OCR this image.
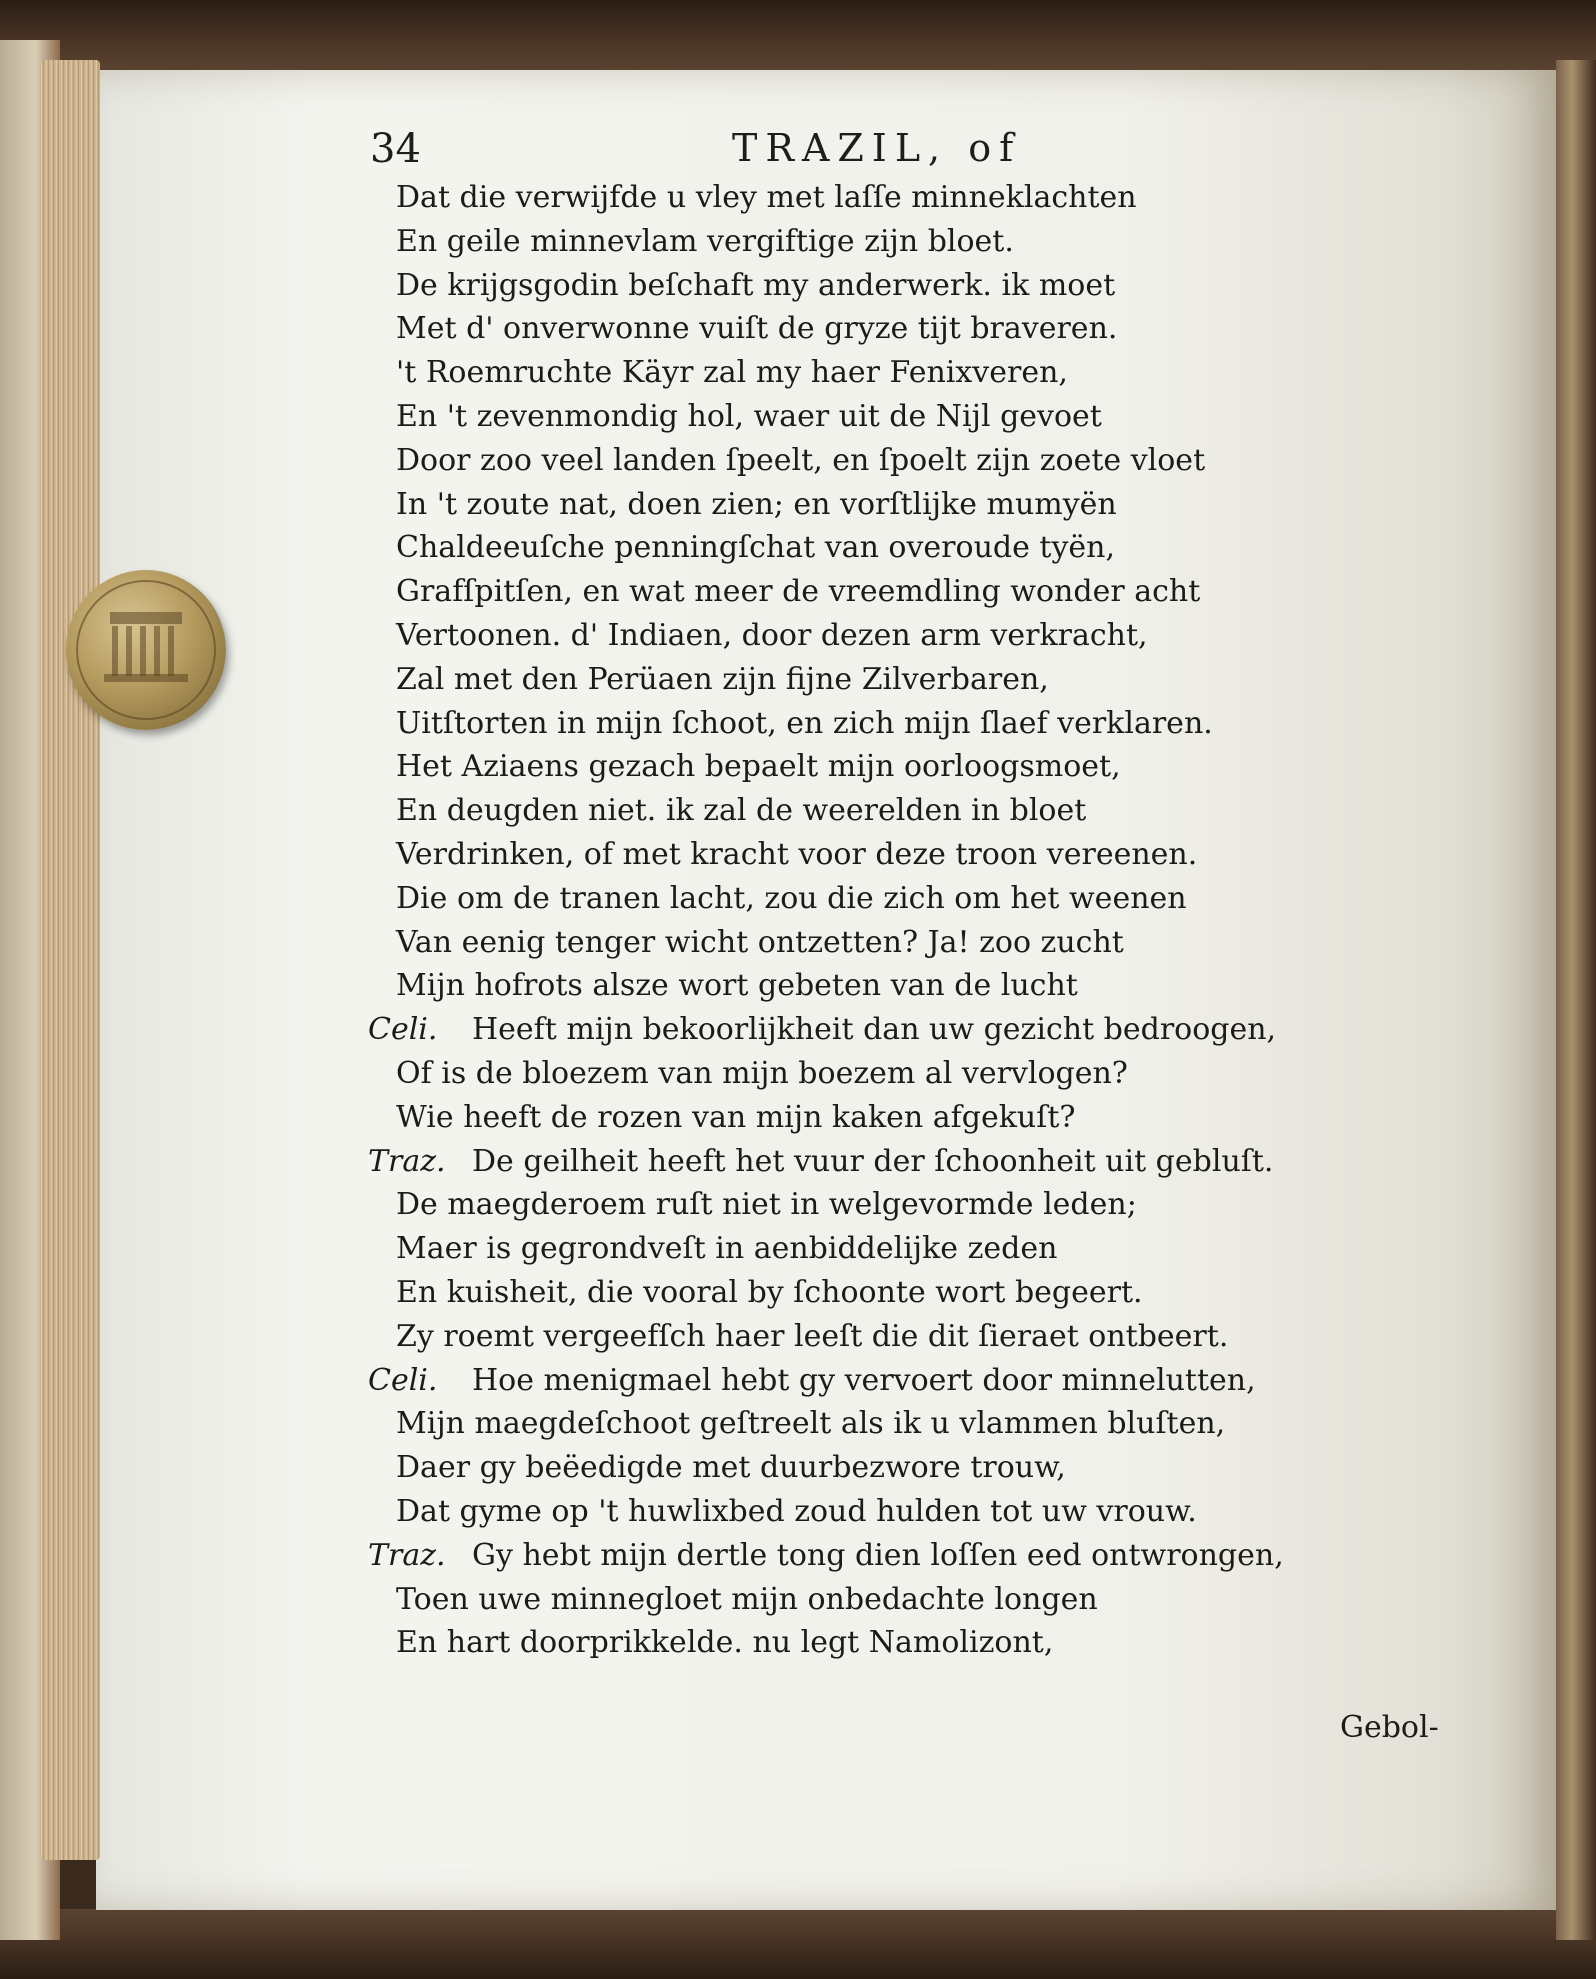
34	TRAZIL, of
Dat die verwijfde u vley met laſſe minneklachten
En geile minnevlam vergiftige zijn bloet.
De krijgsgodin beſchaft my anderwerk. ik moet
Met d' onverwonne vuiſt de gryze tijt braveren.
't Roemruchte Käyr zal my haer Fenixveren,
En 't zevenmondig hol, waer uit de Nijl gevoet
Door zoo veel landen ſpeelt, en ſpoelt zijn zoete vloet
In 't zoute nat, doen zien; en vorſtlijke mumyën
Chaldeeuſche penningſchat van overoude tyën,
Grafſpitſen, en wat meer de vreemdling wonder acht
Vertoonen. d' Indiaen, door dezen arm verkracht,
Zal met den Perüaen zijn fijne Zilverbaren,
Uitſtorten in mijn ſchoot, en zich mijn ſlaef verklaren.
Het Aziaens gezach bepaelt mijn oorloogsmoet,
En deugden niet. ik zal de weerelden in bloet
Verdrinken, of met kracht voor deze troon vereenen.
Die om de tranen lacht, zou die zich om het weenen
Van eenig tenger wicht ontzetten? Ja! zoo zucht
Mijn hofrots alsze wort gebeten van de lucht
Celi. Heeft mijn bekoorlijkheit dan uw gezicht bedroogen,
Of is de bloezem van mijn boezem al vervlogen?
Wie heeft de rozen van mijn kaken afgekuſt?
Traz. De geilheit heeft het vuur der ſchoonheit uit gebluſt.
De maegderoem ruſt niet in welgevormde leden;
Maer is gegrondveſt in aenbiddelijke zeden
En kuisheit, die vooral by ſchoonte wort begeert.
Zy roemt vergeefſch haer leeſt die dit ſieraet ontbeert.
Celi. Hoe menigmael hebt gy vervoert door minnelutten,
Mijn maegdeſchoot geſtreelt als ik u vlammen bluſten,
Daer gy beëedigde met duurbezwore trouw,
Dat gyme op 't huwlixbed zoud hulden tot uw vrouw.
Traz. Gy hebt mijn dertle tong dien loſſen eed ontwrongen,
Toen uwe minnegloet mijn onbedachte longen
En hart doorprikkelde. nu legt Namolizont,
Gebol-
